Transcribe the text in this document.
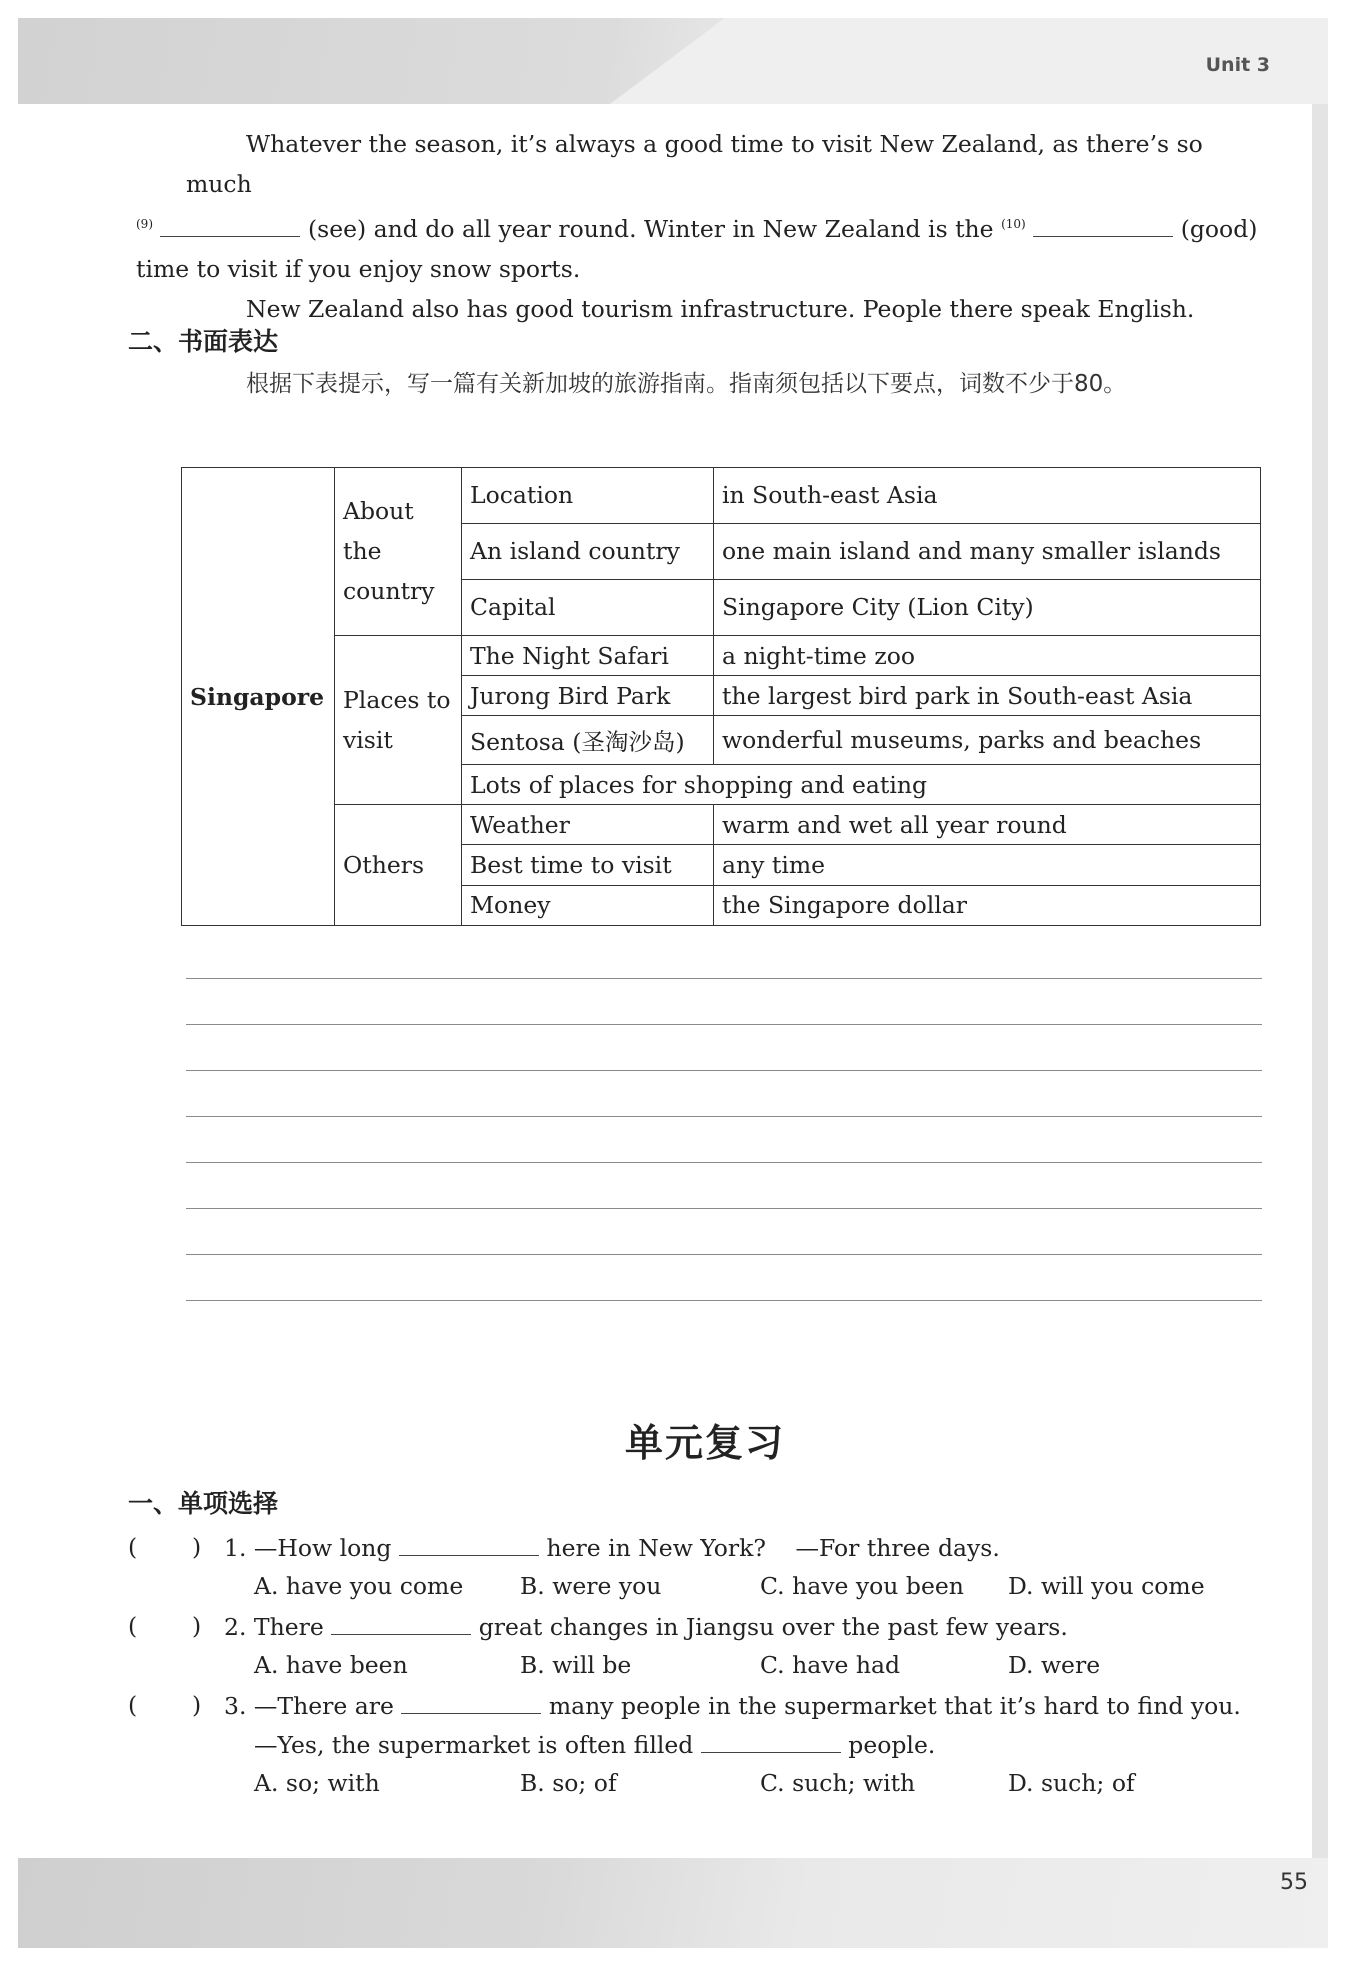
Unit 3

Whatever the season, it’s always a good time to visit New Zealand, as there’s so much

$^{(9)}$	(see) and do all year round. Winter in New Zealand is the $^{(10)}$	(good)

time to visit if you enjoy snow sports.

New Zealand also has good tourism infrastructure. People there speak English.

二、书面表达
根据下表提示，写一篇有关新加坡的旅游指南。指南须包括以下要点，词数不少于80。
Singapore	About the country	Location	in South-east Asia
		An island country	one main island and many smaller islands
		Capital	Singapore City (Lion City)
	Places to visit	The Night Safari	a night-time zoo
		Jurong Bird Park	the largest bird park in South-east Asia
		Sentosa (圣淘沙岛)	wonderful museums, parks and beaches
		Lots of places for shopping and eating	
	Others	Weather	warm and wet all year round
		Best time to visit	any time
		Money	the Singapore dollar
单元复习
一、单项选择
( ) 1. —How long	here in New York? —For three days.
A. have you come B. were you	C. have you been D. will you come
( ) 2. There	great changes in Jiangsu over the past few years.
A. have been	B. will be	C. have had	D. were
( ) 3. —There are	many people in the supermarket that it’s hard to find you.
—Yes, the supermarket is often filled	people.
A. so; with	B. so; of	C. such; with	D. such; of
55
